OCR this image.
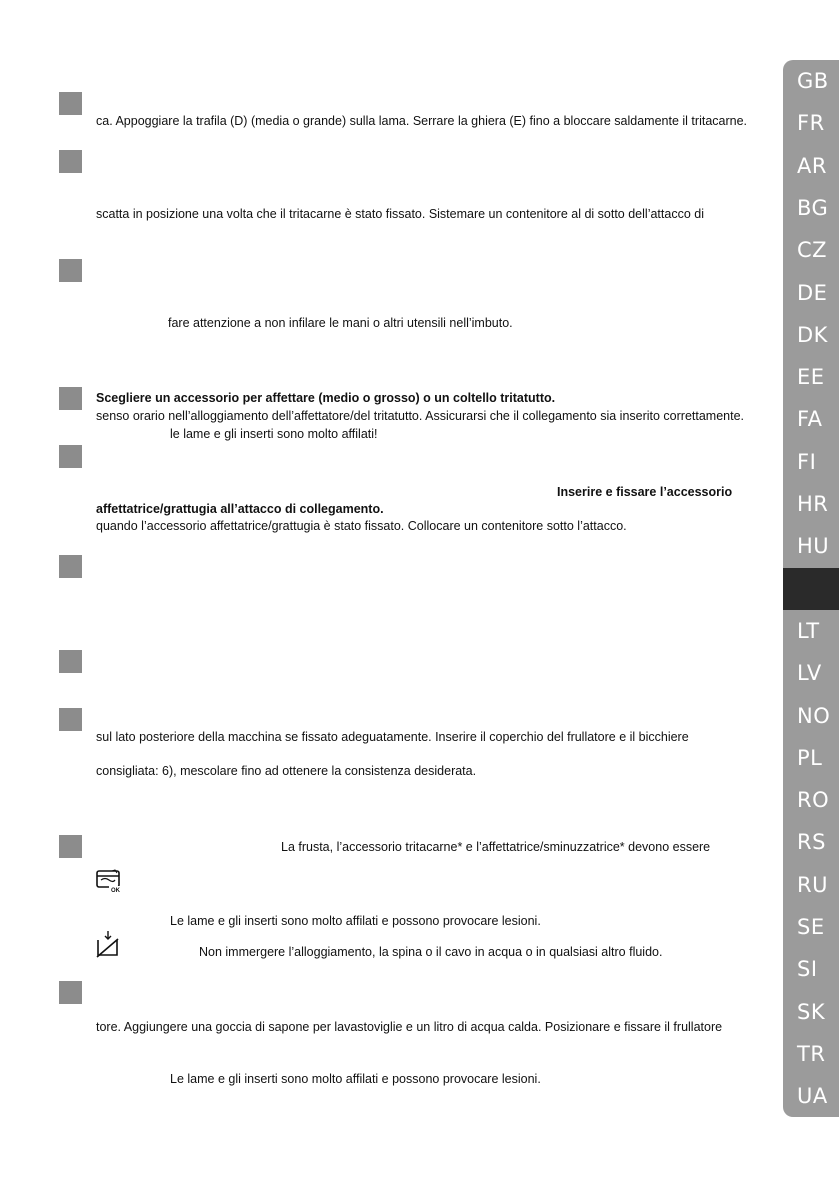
ca. Appoggiare la trafila (D) (media o grande) sulla lama. Serrare la ghiera (E) fino a bloccare saldamente il tritacarne.
scatta in posizione una volta che il tritacarne è stato fissato. Sistemare un contenitore al di sotto dell’attacco di
fare attenzione a non infilare le mani o altri utensili nell’imbuto.
Scegliere un accessorio per affettare (medio o grosso) o un coltello tritatutto.
senso orario nell’alloggiamento dell’affettatore/del tritatutto. Assicurarsi che il collegamento sia inserito correttamente.
le lame e gli inserti sono molto affilati!
Inserire e fissare l’accessorio
affettatrice/grattugia all’attacco di collegamento.
quando l’accessorio affettatrice/grattugia è stato fissato. Collocare un contenitore sotto l’attacco.
sul lato posteriore della macchina se fissato adeguatamente. Inserire il coperchio del frullatore e il bicchiere
consigliata: 6), mescolare fino ad ottenere la consistenza desiderata.
La frusta, l’accessorio tritacarne* e l’affettatrice/sminuzzatrice* devono essere
Le lame e gli inserti sono molto affilati e possono provocare lesioni.
Non immergere l’alloggiamento, la spina o il cavo in acqua o in qualsiasi altro fluido.
tore. Aggiungere una goccia di sapone per lavastoviglie e un litro di acqua calda. Posizionare e fissare il frullatore
Le lame e gli inserti sono molto affilati e possono provocare lesioni.
OK
GB
FR
AR
BG
CZ
DE
DK
EE
FA
FI
HR
HU
LT
LV
NO
PL
RO
RS
RU
SE
SI
SK
TR
UA
